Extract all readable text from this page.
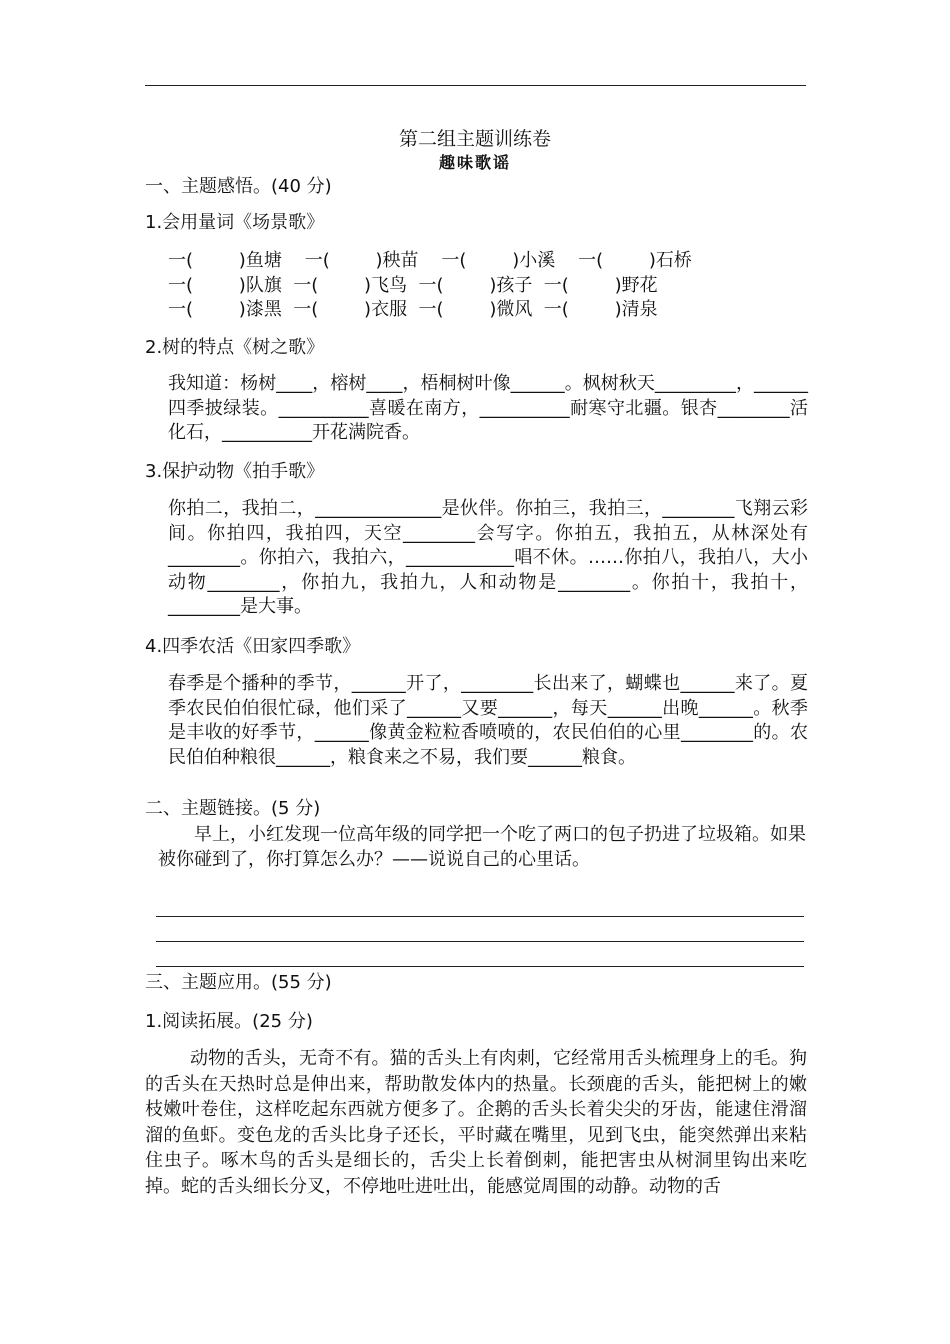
第二组主题训练卷
趣味歌谣
一、主题感悟。(40 分)
1.会用量词《场景歌》
一(        )鱼塘    一(        )秧苗    一(        )小溪    一(        )石桥
一(        )队旗  一(        )飞鸟  一(        )孩子  一(        )野花
一(        )漆黑  一(        )衣服  一(        )微风  一(        )清泉
2.树的特点《树之歌》
我知道：杨树____，榕树____，梧桐树叶像______。枫树秋天_________，______四季披绿装。__________喜暖在南方，__________耐寒守北疆。银杏________活化石，__________开花满院香。
3.保护动物《拍手歌》
你拍二，我拍二，______________是伙伴。你拍三，我拍三，________飞翔云彩间。你拍四，我拍四，天空________会写字。你拍五，我拍五，从林深处有________。你拍六，我拍六，____________唱不休。……你拍八，我拍八，大小动物________，你拍九，我拍九，人和动物是________。你拍十，我拍十，________是大事。
4.四季农活《田家四季歌》
春季是个播种的季节，______开了，________长出来了，蝴蝶也______来了。夏季农民伯伯很忙碌，他们采了______又要______，每天______出晚______。秋季是丰收的好季节，______像黄金粒粒香喷喷的，农民伯伯的心里________的。农民伯伯种粮很______，粮食来之不易，我们要______粮食。
二、主题链接。(5 分)
早上，小红发现一位高年级的同学把一个吃了两口的包子扔进了垃圾箱。如果被你碰到了，你打算怎么办？——说说自己的心里话。
三、主题应用。(55 分)
1.阅读拓展。(25 分)
动物的舌头，无奇不有。猫的舌头上有肉刺，它经常用舌头梳理身上的毛。狗的舌头在天热时总是伸出来，帮助散发体内的热量。长颈鹿的舌头，能把树上的嫩枝嫩叶卷住，这样吃起东西就方便多了。企鹅的舌头长着尖尖的牙齿，能逮住滑溜溜的鱼虾。变色龙的舌头比身子还长，平时藏在嘴里，见到飞虫，能突然弹出来粘住虫子。啄木鸟的舌头是细长的，舌尖上长着倒刺，能把害虫从树洞里钩出来吃掉。蛇的舌头细长分叉，不停地吐进吐出，能感觉周围的动静。动物的舌
